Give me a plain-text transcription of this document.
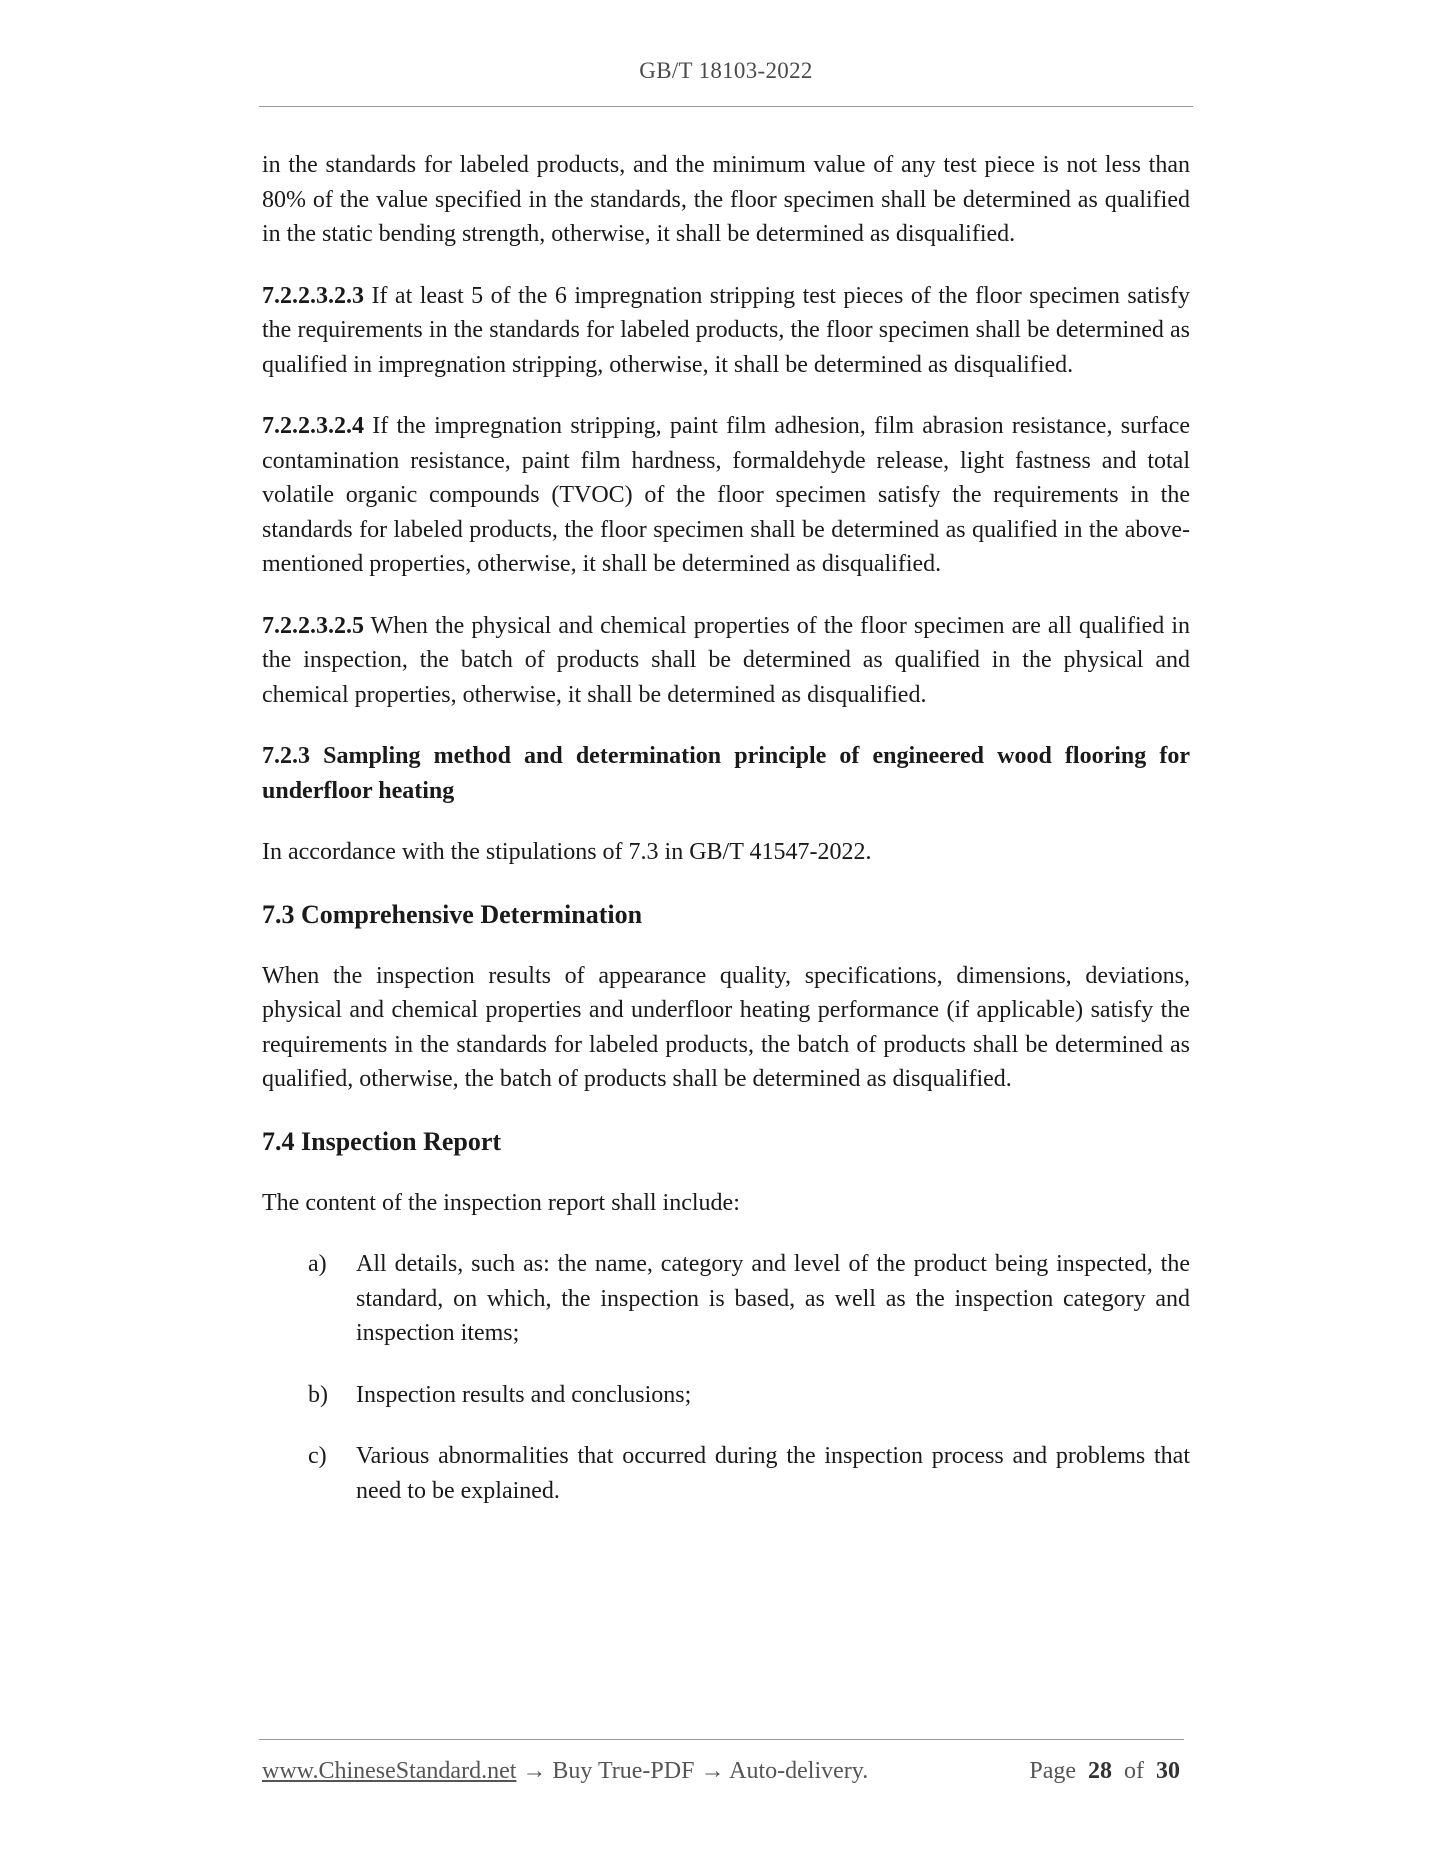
GB/T 18103-2022

in the standards for labeled products, and the minimum value of any test piece is not less than 80% of the value specified in the standards, the floor specimen shall be determined as qualified in the static bending strength, otherwise, it shall be determined as disqualified.

7.2.2.3.2.3 If at least 5 of the 6 impregnation stripping test pieces of the floor specimen satisfy the requirements in the standards for labeled products, the floor specimen shall be determined as qualified in impregnation stripping, otherwise, it shall be determined as disqualified.

7.2.2.3.2.4 If the impregnation stripping, paint film adhesion, film abrasion resistance, surface contamination resistance, paint film hardness, formaldehyde release, light fastness and total volatile organic compounds (TVOC) of the floor specimen satisfy the requirements in the standards for labeled products, the floor specimen shall be determined as qualified in the above-mentioned properties, otherwise, it shall be determined as disqualified.

7.2.2.3.2.5 When the physical and chemical properties of the floor specimen are all qualified in the inspection, the batch of products shall be determined as qualified in the physical and chemical properties, otherwise, it shall be determined as disqualified.

7.2.3 Sampling method and determination principle of engineered wood flooring for underfloor heating

In accordance with the stipulations of 7.3 in GB/T 41547-2022.

7.3 Comprehensive Determination

When the inspection results of appearance quality, specifications, dimensions, deviations, physical and chemical properties and underfloor heating performance (if applicable) satisfy the requirements in the standards for labeled products, the batch of products shall be determined as qualified, otherwise, the batch of products shall be determined as disqualified.

7.4 Inspection Report

The content of the inspection report shall include:

a)	All details, such as: the name, category and level of the product being inspected, the standard, on which, the inspection is based, as well as the inspection category and inspection items;
b)	Inspection results and conclusions;
c)	Various abnormalities that occurred during the inspection process and problems that need to be explained.
www.ChineseStandard.net → Buy True-PDF → Auto-delivery.	Page 28 of 30
